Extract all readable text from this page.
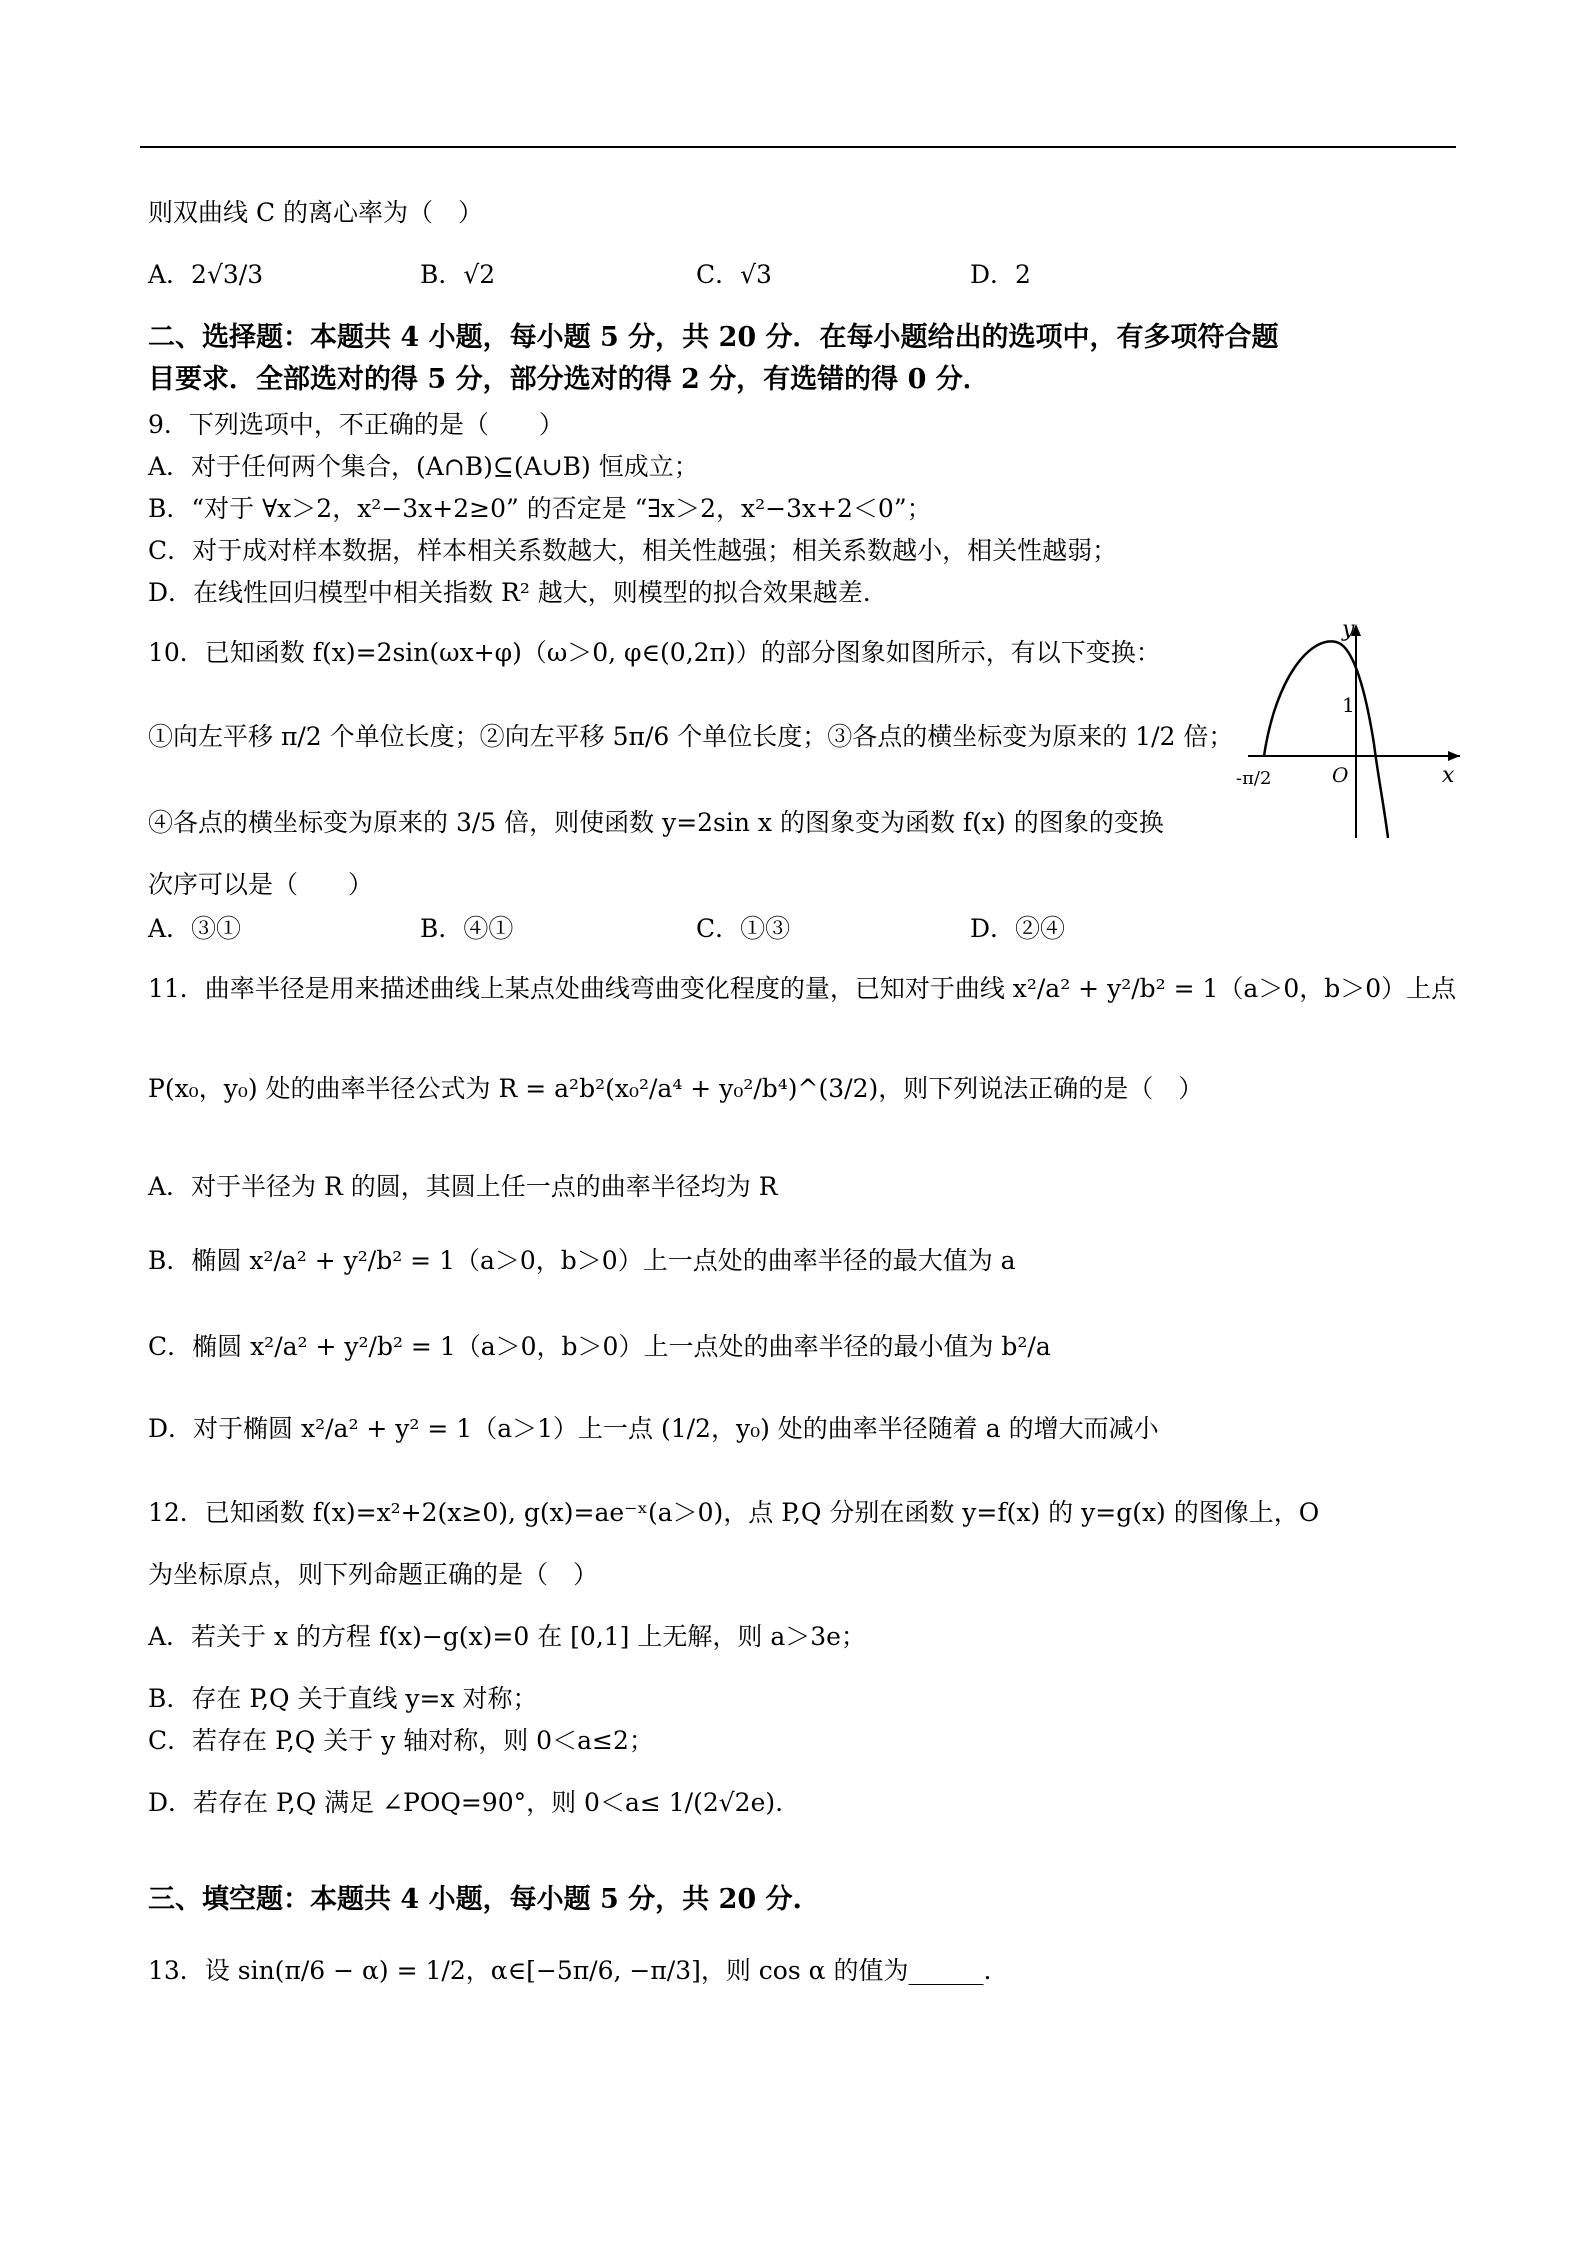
则双曲线 C 的离心率为（　）
A．2√3/3	B．√2	C．√3	D．2
二、选择题：本题共 4 小题，每小题 5 分，共 20 分．在每小题给出的选项中，有多项符合题
目要求．全部选对的得 5 分，部分选对的得 2 分，有选错的得 0 分．
9．下列选项中，不正确的是（　　）
A．对于任何两个集合，(A∩B)⊆(A∪B) 恒成立；
B．“对于 ∀x＞2，x²−3x+2≥0” 的否定是 “∃x＞2，x²−3x+2＜0”；
C．对于成对样本数据，样本相关系数越大，相关性越强；相关系数越小，相关性越弱；
D．在线性回归模型中相关指数 R² 越大，则模型的拟合效果越差.
10．已知函数 f(x)=2sin(ωx+φ)（ω＞0, φ∈(0,2π)）的部分图象如图所示，有以下变换：
①向左平移 π/2 个单位长度；②向左平移 5π/6 个单位长度；③各点的横坐标变为原来的 1/2 倍；
④各点的横坐标变为原来的 3/5 倍，则使函数 y=2sin x 的图象变为函数 f(x) 的图象的变换
次序可以是（　　）
A．③①	B．④①	C．①③	D．②④
y
x
O
1
-π/2
11．曲率半径是用来描述曲线上某点处曲线弯曲变化程度的量，已知对于曲线 x²/a² + y²/b² = 1（a＞0，b＞0）上点
P(x₀，y₀) 处的曲率半径公式为 R = a²b²(x₀²/a⁴ + y₀²/b⁴)^(3/2)，则下列说法正确的是（　）
A．对于半径为 R 的圆，其圆上任一点的曲率半径均为 R
B．椭圆 x²/a² + y²/b² = 1（a＞0，b＞0）上一点处的曲率半径的最大值为 a
C．椭圆 x²/a² + y²/b² = 1（a＞0，b＞0）上一点处的曲率半径的最小值为 b²/a
D．对于椭圆 x²/a² + y² = 1（a＞1）上一点 (1/2，y₀) 处的曲率半径随着 a 的增大而减小
12．已知函数 f(x)=x²+2(x≥0), g(x)=ae⁻ˣ(a＞0)，点 P,Q 分别在函数 y=f(x) 的 y=g(x) 的图像上，O
为坐标原点，则下列命题正确的是（　）
A．若关于 x 的方程 f(x)−g(x)=0 在 [0,1] 上无解，则 a＞3e；
B．存在 P,Q 关于直线 y=x 对称；
C．若存在 P,Q 关于 y 轴对称，则 0＜a≤2；
D．若存在 P,Q 满足 ∠POQ=90°，则 0＜a≤ 1/(2√2e).
三、填空题：本题共 4 小题，每小题 5 分，共 20 分.
13．设 sin(π/6 − α) = 1/2，α∈[−5π/6, −π/3]，则 cos α 的值为______.
